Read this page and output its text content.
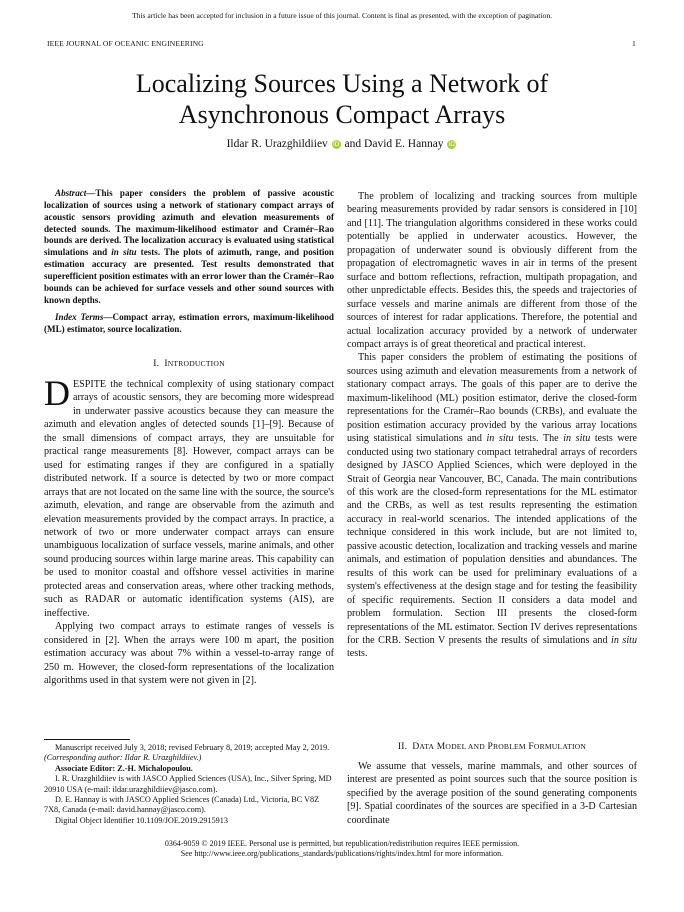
This article has been accepted for inclusion in a future issue of this journal. Content is final as presented, with the exception of pagination.
IEEE JOURNAL OF OCEANIC ENGINEERING	1
Localizing Sources Using a Network of
Asynchronous Compact Arrays
Ildar R. Urazghildiiev iD and David E. Hannay iD

Abstract—This paper considers the problem of passive acoustic localization of sources using a network of stationary compact arrays of acoustic sensors providing azimuth and elevation measurements of detected sounds. The maximum-likelihood estimator and Cramér–Rao bounds are derived. The localization accuracy is evaluated using statistical simulations and in situ tests. The plots of azimuth, range, and position estimation accuracy are presented. Test results demonstrated that superefficient position estimates with an error lower than the Cramér–Rao bounds can be achieved for surface vessels and other sound sources with known depths.

Index Terms—Compact array, estimation errors, maximum-likelihood (ML) estimator, source localization.

I. INTRODUCTION

DESPITE the technical complexity of using stationary compact arrays of acoustic sensors, they are becoming more widespread in underwater passive acoustics because they can measure the azimuth and elevation angles of detected sounds [1]–[9]. Because of the small dimensions of compact arrays, they are unsuitable for practical range measurements [8]. However, compact arrays can be used for estimating ranges if they are configured in a spatially distributed network. If a source is detected by two or more compact arrays that are not located on the same line with the source, the source's azimuth, elevation, and range are observable from the azimuth and elevation measurements provided by the compact arrays. In practice, a network of two or more underwater compact arrays can ensure unambiguous localization of surface vessels, marine animals, and other sound producing sources within large marine areas. This capability can be used to monitor coastal and offshore vessel activities in marine protected areas and conservation areas, where other tracking methods, such as RADAR or automatic identification systems (AIS), are ineffective.

Applying two compact arrays to estimate ranges of vessels is considered in [2]. When the arrays were 100 m apart, the position estimation accuracy was about 7% within a vessel-to-array range of 250 m. However, the closed-form representations of the localization algorithms used in that system were not given in [2].

Manuscript received July 3, 2018; revised February 8, 2019; accepted May 2, 2019. (Corresponding author: Ildar R. Urazghildiiev.)

Associate Editor: Z.-H. Michalopoulou.

I. R. Urazghildiiev is with JASCO Applied Sciences (USA), Inc., Silver Spring, MD 20910 USA (e-mail: ildar.urazghildiiev@jasco.com).

D. E. Hannay is with JASCO Applied Sciences (Canada) Ltd., Victoria, BC V8Z 7X8, Canada (e-mail: david.hannay@jasco.com).

Digital Object Identifier 10.1109/JOE.2019.2915913

The problem of localizing and tracking sources from multiple bearing measurements provided by radar sensors is considered in [10] and [11]. The triangulation algorithms considered in these works could potentially be applied in underwater acoustics. However, the propagation of underwater sound is obviously different from the propagation of electromagnetic waves in air in terms of the present surface and bottom reflections, refraction, multipath propagation, and other unpredictable effects. Besides this, the speeds and trajectories of surface vessels and marine animals are different from those of the sources of interest for radar applications. Therefore, the potential and actual localization accuracy provided by a network of underwater compact arrays is of great theoretical and practical interest.

This paper considers the problem of estimating the positions of sources using azimuth and elevation measurements from a network of stationary compact arrays. The goals of this paper are to derive the maximum-likelihood (ML) position estimator, derive the closed-form representations for the Cramér–Rao bounds (CRBs), and evaluate the position estimation accuracy provided by the various array locations using statistical simulations and in situ tests. The in situ tests were conducted using two stationary compact tetrahedral arrays of recorders designed by JASCO Applied Sciences, which were deployed in the Strait of Georgia near Vancouver, BC, Canada. The main contributions of this work are the closed-form representations for the ML estimator and the CRBs, as well as test results representing the estimation accuracy in real-world scenarios. The intended applications of the technique considered in this work include, but are not limited to, passive acoustic detection, localization and tracking vessels and marine animals, and estimation of population densities and abundances. The results of this work can be used for preliminary evaluations of a system's effectiveness at the design stage and for testing the feasibility of specific requirements. Section II considers a data model and problem formulation. Section III presents the closed-form representations of the ML estimator. Section IV derives representations for the CRB. Section V presents the results of simulations and in situ tests.

II. DATA MODEL AND PROBLEM FORMULATION

We assume that vessels, marine mammals, and other sources of interest are presented as point sources such that the source position is specified by the average position of the sound generating components [9]. Spatial coordinates of the sources are specified in a 3-D Cartesian coordinate

0364-9059 © 2019 IEEE. Personal use is permitted, but republication/redistribution requires IEEE permission.
See http://www.ieee.org/publications_standards/publications/rights/index.html for more information.
